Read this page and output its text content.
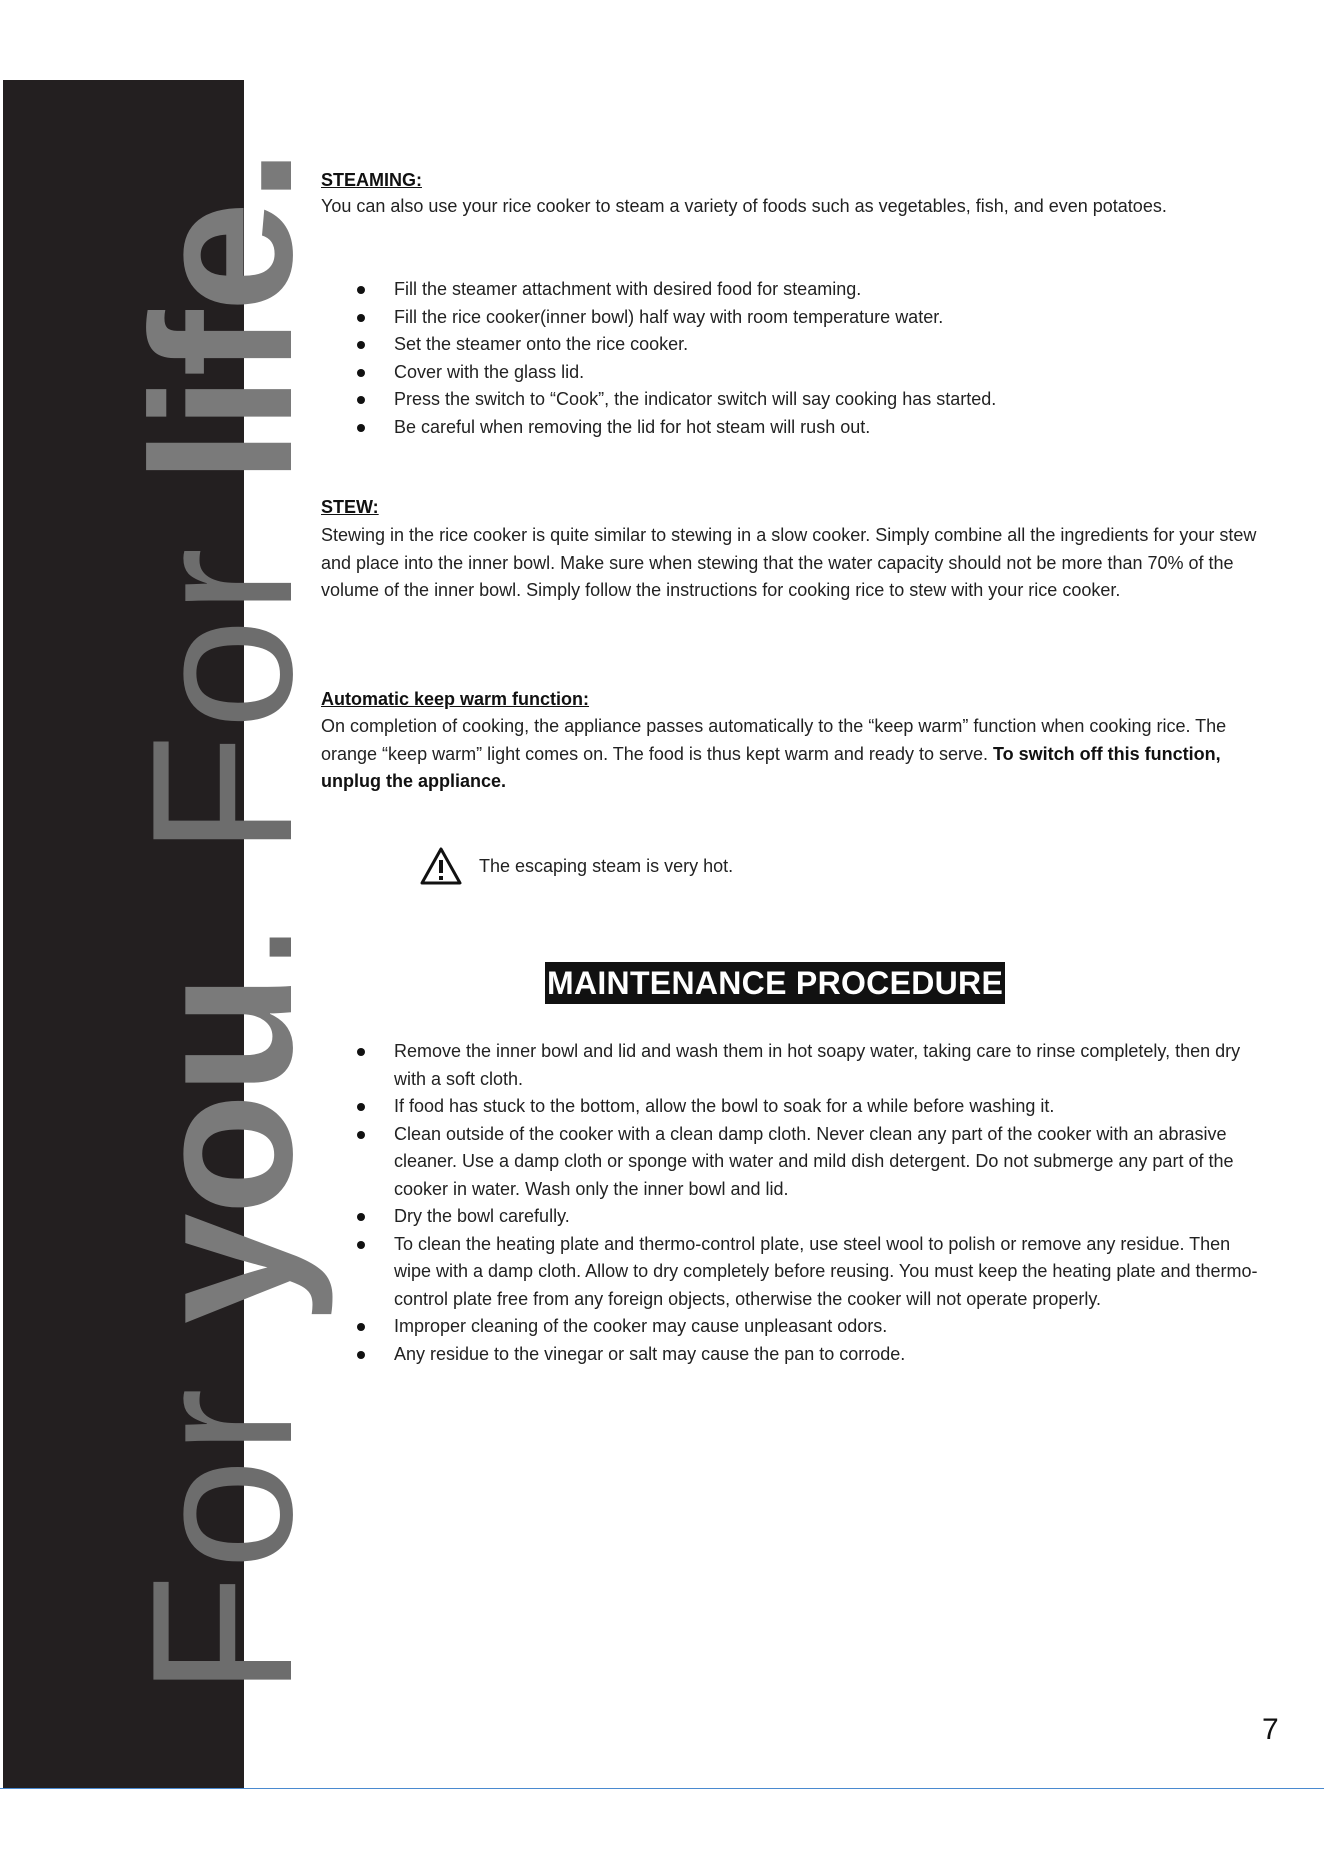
For you. For life.
STEAMING:

You can also use your rice cooker to steam a variety of foods such as vegetables, fish, and even potatoes.

Fill the steamer attachment with desired food for steaming.
Fill the rice cooker(inner bowl) half way with room temperature water.
Set the steamer onto the rice cooker.
Cover with the glass lid.
Press the switch to “Cook”, the indicator switch will say cooking has started.
Be careful when removing the lid for hot steam will rush out.
STEW:

Stewing in the rice cooker is quite similar to stewing in a slow cooker. Simply combine all the ingredients for your stew and place into the inner bowl. Make sure when stewing that the water capacity should not be more than 70% of the volume of the inner bowl. Simply follow the instructions for cooking rice to stew with your rice cooker.

Automatic keep warm function:

On completion of cooking, the appliance passes automatically to the “keep warm” function when cooking rice. The orange “keep warm” light comes on. The food is thus kept warm and ready to serve. To switch off this function, unplug the appliance.

The escaping steam is very hot.
MAINTENANCE PROCEDURE
Remove the inner bowl and lid and wash them in hot soapy water, taking care to rinse completely, then dry with a soft cloth.
If food has stuck to the bottom, allow the bowl to soak for a while before washing it.
Clean outside of the cooker with a clean damp cloth. Never clean any part of the cooker with an abrasive cleaner. Use a damp cloth or sponge with water and mild dish detergent. Do not submerge any part of the cooker in water. Wash only the inner bowl and lid.
Dry the bowl carefully.
To clean the heating plate and thermo-control plate, use steel wool to polish or remove any residue. Then wipe with a damp cloth. Allow to dry completely before reusing. You must keep the heating plate and thermo-control plate free from any foreign objects, otherwise the cooker will not operate properly.
Improper cleaning of the cooker may cause unpleasant odors.
Any residue to the vinegar or salt may cause the pan to corrode.
7
